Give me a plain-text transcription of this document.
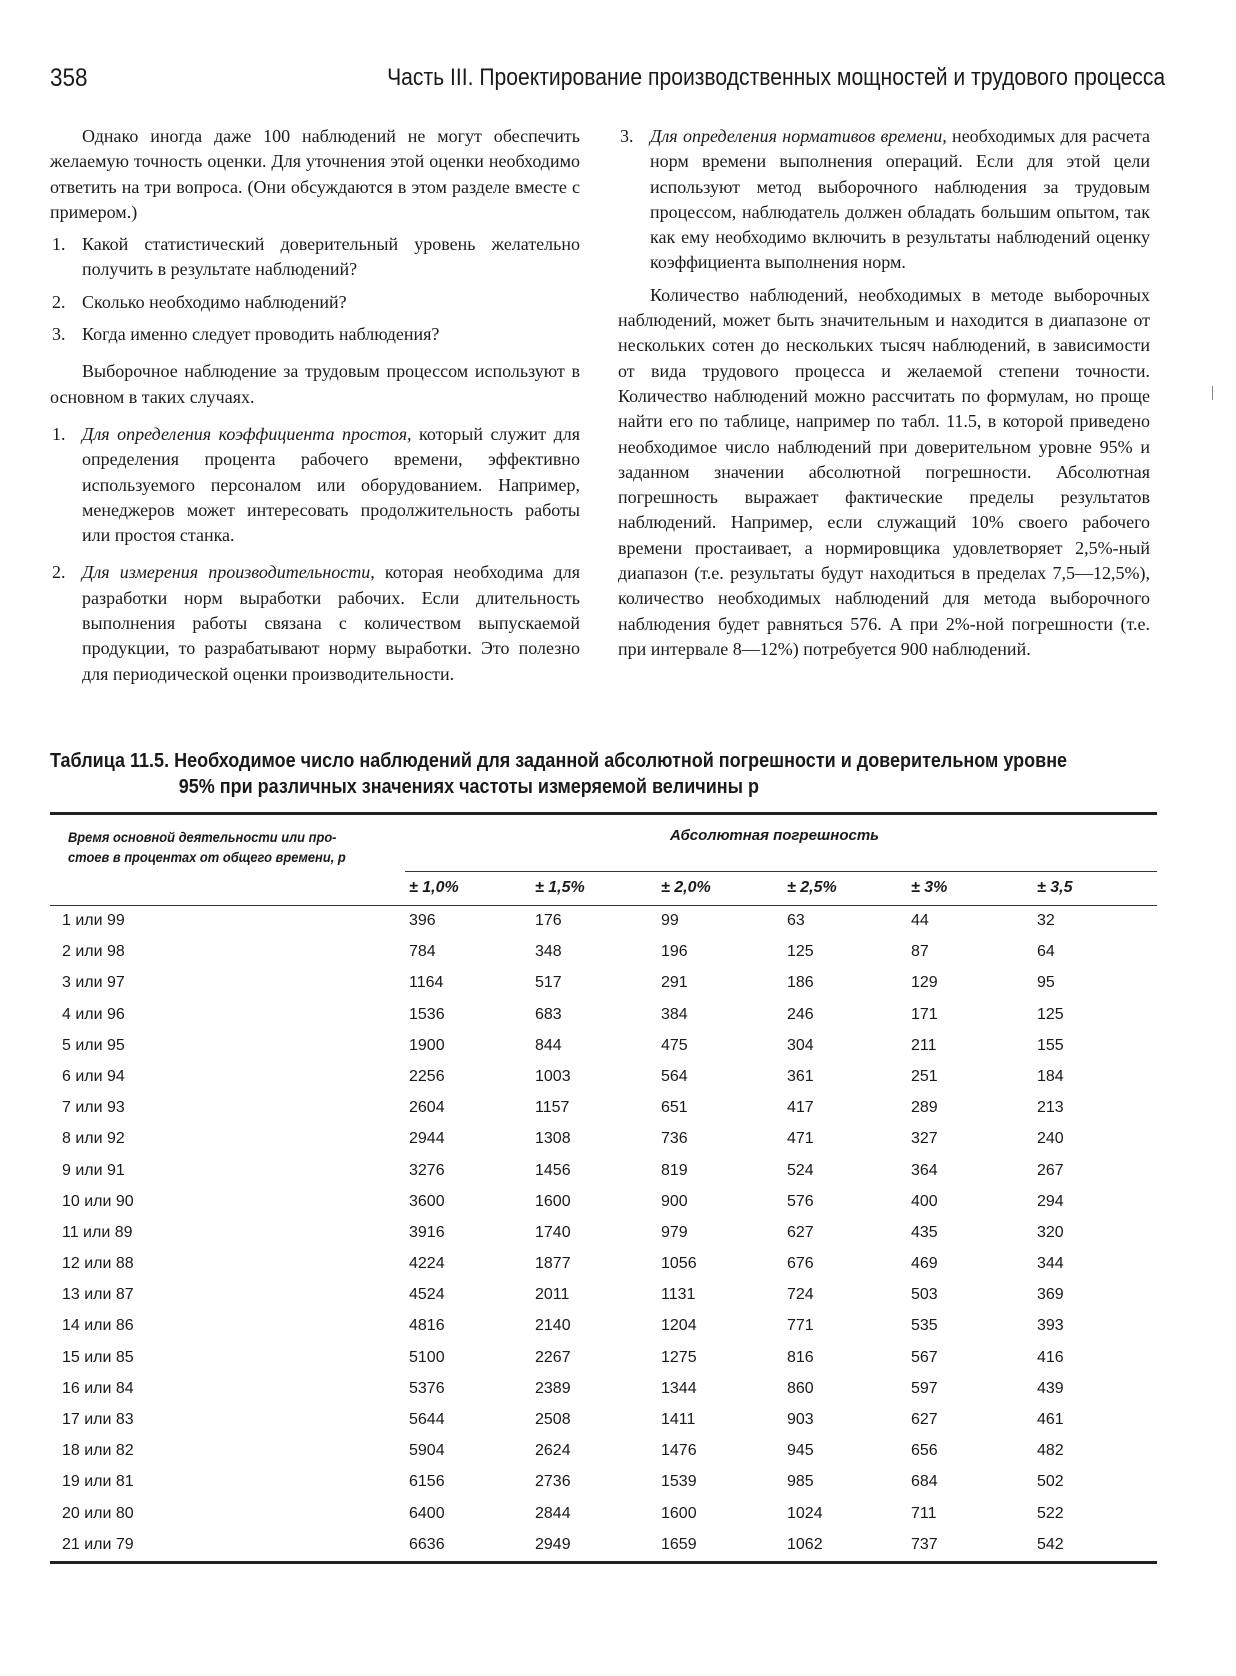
358	Часть III. Проектирование производственных мощностей и трудового процесса

Однако иногда даже 100 наблюдений не могут обеспечить желаемую точность оценки. Для уточнения этой оценки необходимо ответить на три вопроса. (Они обсуждаются в этом разделе вместе с примером.)

1. Какой статистический доверительный уровень желательно получить в результате наблюдений?

2. Сколько необходимо наблюдений?

3. Когда именно следует проводить наблюдения?

Выборочное наблюдение за трудовым процессом используют в основном в таких случаях.

1. Для определения коэффициента простоя, который служит для определения процента рабочего времени, эффективно используемого персоналом или оборудованием. Например, менеджеров может интересовать продолжительность работы или простоя станка.

2. Для измерения производительности, которая необходима для разработки норм выработки рабочих. Если длительность выполнения работы связана с количеством выпускаемой продукции, то разрабатывают норму выработки. Это полезно для периодической оценки производительности.

3. Для определения нормативов времени, необходимых для расчета норм времени выполнения операций. Если для этой цели используют метод выборочного наблюдения за трудовым процессом, наблюдатель должен обладать большим опытом, так как ему необходимо включить в результаты наблюдений оценку коэффициента выполнения норм.

Количество наблюдений, необходимых в методе выборочных наблюдений, может быть значительным и находится в диапазоне от нескольких сотен до нескольких тысяч наблюдений, в зависимости от вида трудового процесса и желаемой степени точности. Количество наблюдений можно рассчитать по формулам, но проще найти его по таблице, например по табл. 11.5, в которой приведено необходимое число наблюдений при доверительном уровне 95% и заданном значении абсолютной погрешности. Абсолютная погрешность выражает фактические пределы результатов наблюдений. Например, если служащий 10% своего рабочего времени простаивает, а нормировщика удовлетворяет 2,5%-ный диапазон (т.е. результаты будут находиться в пределах 7,5—12,5%), количество необходимых наблюдений для метода выборочного наблюдения будет равняться 576. А при 2%-ной погрешности (т.е. при интервале 8—12%) потребуется 900 наблюдений.

Таблица 11.5. Необходимое число наблюдений для заданной абсолютной погрешности и доверительном уровне
95% при различных значениях частоты измеряемой величины p
Время основной деятельности или про-
стоев в процентах от общего времени, p
Абсолютная погрешность
± 1,0%	± 1,5%	± 2,0%	± 2,5%	± 3%	± 3,5
1 или 99	396	176	99	63	44	32
2 или 98	784	348	196	125	87	64
3 или 97	1164	517	291	186	129	95
4 или 96	1536	683	384	246	171	125
5 или 95	1900	844	475	304	211	155
6 или 94	2256	1003	564	361	251	184
7 или 93	2604	1157	651	417	289	213
8 или 92	2944	1308	736	471	327	240
9 или 91	3276	1456	819	524	364	267
10 или 90	3600	1600	900	576	400	294
11 или 89	3916	1740	979	627	435	320
12 или 88	4224	1877	1056	676	469	344
13 или 87	4524	2011	1131	724	503	369
14 или 86	4816	2140	1204	771	535	393
15 или 85	5100	2267	1275	816	567	416
16 или 84	5376	2389	1344	860	597	439
17 или 83	5644	2508	1411	903	627	461
18 или 82	5904	2624	1476	945	656	482
19 или 81	6156	2736	1539	985	684	502
20 или 80	6400	2844	1600	1024	711	522
21 или 79	6636	2949	1659	1062	737	542
